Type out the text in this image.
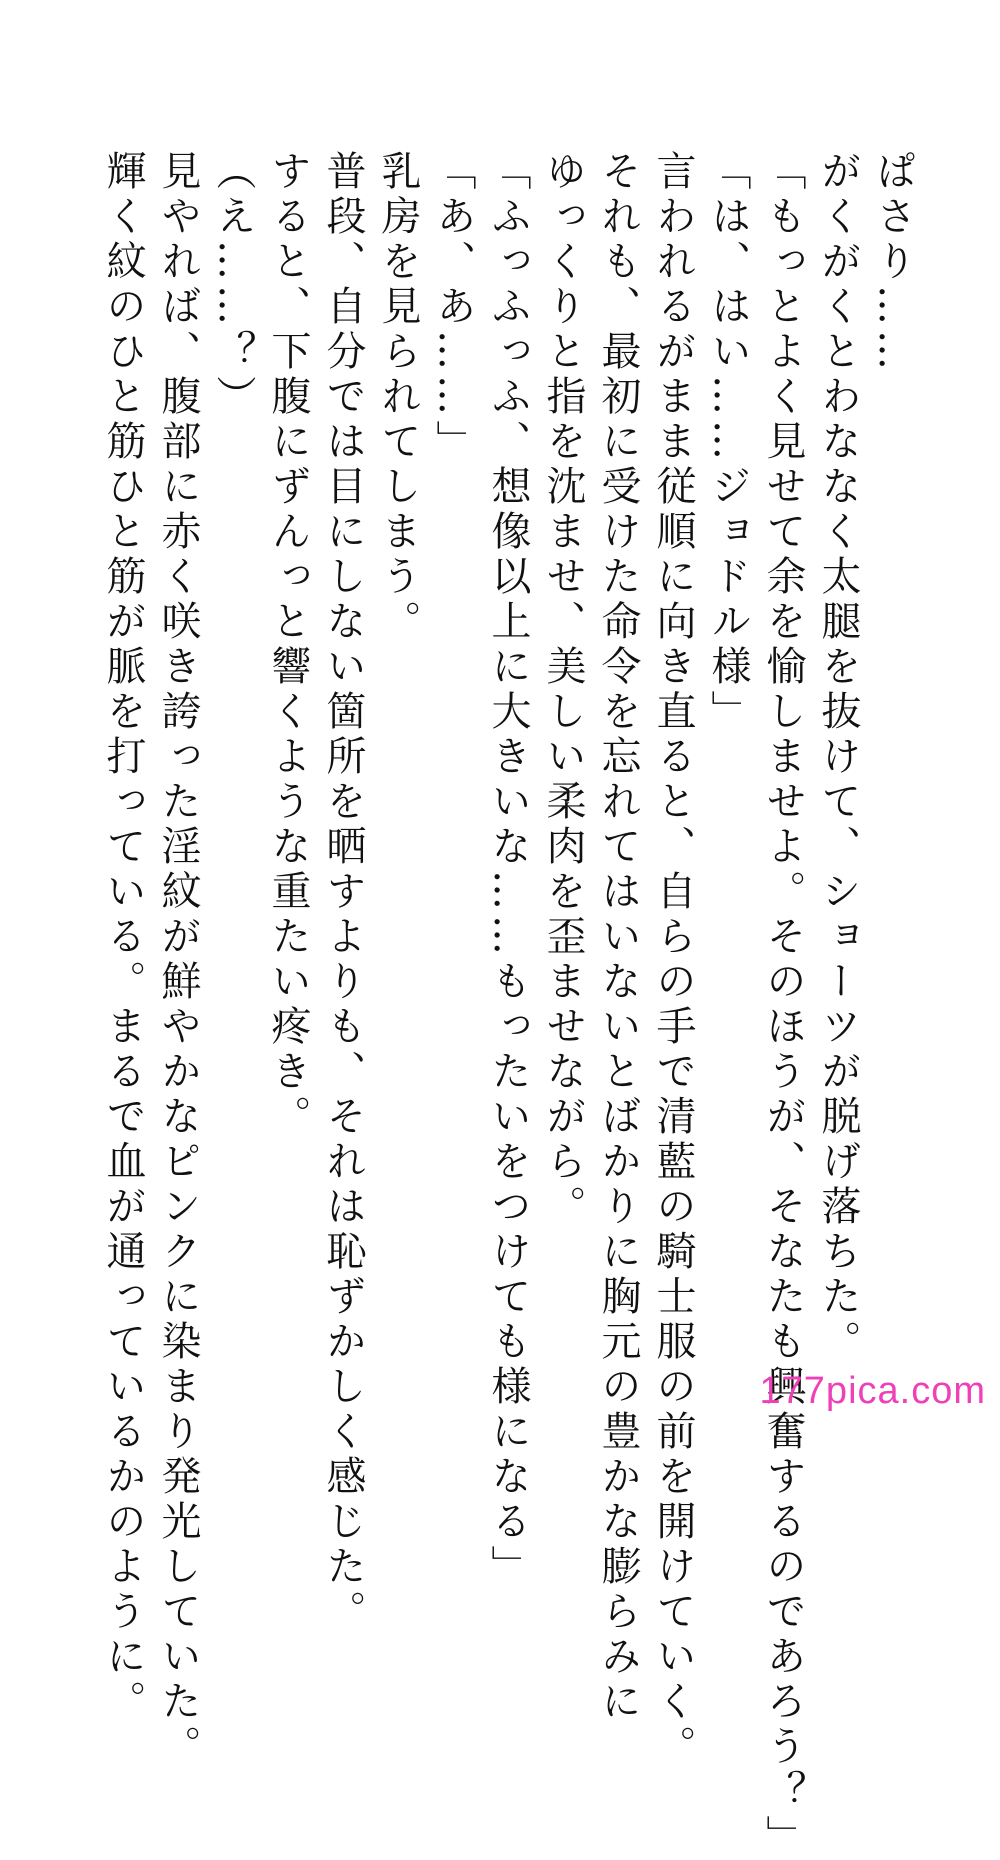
ぱさり……

がくがくとわななく太腿を抜けて、ショーツが脱げ落ちた。

「もっとよく見せて余を愉しませよ。そのほうが、そなたも興奮するのであろう？」

「は、はい……ジョドル様」

言われるがまま従順に向き直ると、自らの手で清藍の騎士服の前を開けていく。

それも、最初に受けた命令を忘れてはいないとばかりに胸元の豊かな膨らみに

ゆっくりと指を沈ませ、美しい柔肉を歪ませながら。

「ふっふっふ、想像以上に大きいな……もったいをつけても様になる」

「あ、あ……」

乳房を見られてしまう。

普段、自分では目にしない箇所を晒すよりも、それは恥ずかしく感じた。

すると、下腹にずんっと響くような重たい疼き。

（え……？）

見やれば、腹部に赤く咲き誇った淫紋が鮮やかなピンクに染まり発光していた。

輝く紋のひと筋ひと筋が脈を打っている。まるで血が通っているかのように。	177pica.com
